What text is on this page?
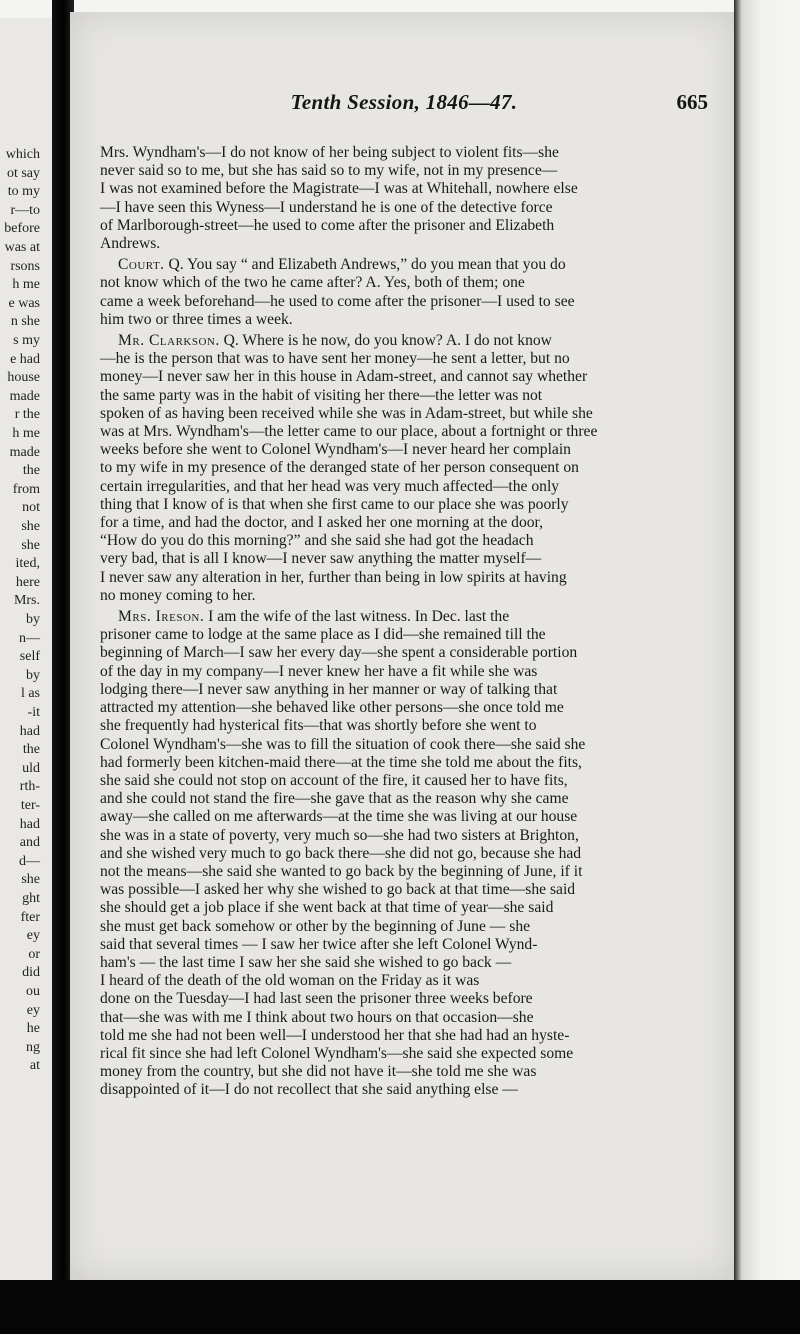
which
ot say
to my
r—to
before
was at
rsons
h me
e was
n she
s my
e had
house
made
r the
h me
made
the
from
not
she
she
ited,
here
Mrs.
by
n—
self
by
l as
-it
had
the
uld
rth-
ter-
had
and
d—
she
ght
fter
ey
or
did
ou
ey
he
ng
at
Tenth Session, 1846—47.	665
Mrs. Wyndham's—I do not know of her being subject to violent fits—she
never said so to me, but she has said so to my wife, not in my presence—
I was not examined before the Magistrate—I was at Whitehall, nowhere else
—I have seen this Wyness—I understand he is one of the detective force
of Marlborough-street—he used to come after the prisoner and Elizabeth
Andrews.
Court. Q. You say “ and Elizabeth Andrews,” do you mean that you do
not know which of the two he came after? A. Yes, both of them; one
came a week beforehand—he used to come after the prisoner—I used to see
him two or three times a week.
Mr. Clarkson. Q. Where is he now, do you know? A. I do not know
—he is the person that was to have sent her money—he sent a letter, but no
money—I never saw her in this house in Adam-street, and cannot say whether
the same party was in the habit of visiting her there—the letter was not
spoken of as having been received while she was in Adam-street, but while she
was at Mrs. Wyndham's—the letter came to our place, about a fortnight or three
weeks before she went to Colonel Wyndham's—I never heard her complain
to my wife in my presence of the deranged state of her person consequent on
certain irregularities, and that her head was very much affected—the only
thing that I know of is that when she first came to our place she was poorly
for a time, and had the doctor, and I asked her one morning at the door,
“How do you do this morning?” and she said she had got the headach
very bad, that is all I know—I never saw anything the matter myself—
I never saw any alteration in her, further than being in low spirits at having
no money coming to her.
Mrs. Ireson. I am the wife of the last witness. In Dec. last the
prisoner came to lodge at the same place as I did—she remained till the
beginning of March—I saw her every day—she spent a considerable portion
of the day in my company—I never knew her have a fit while she was
lodging there—I never saw anything in her manner or way of talking that
attracted my attention—she behaved like other persons—she once told me
she frequently had hysterical fits—that was shortly before she went to
Colonel Wyndham's—she was to fill the situation of cook there—she said she
had formerly been kitchen-maid there—at the time she told me about the fits,
she said she could not stop on account of the fire, it caused her to have fits,
and she could not stand the fire—she gave that as the reason why she came
away—she called on me afterwards—at the time she was living at our house
she was in a state of poverty, very much so—she had two sisters at Brighton,
and she wished very much to go back there—she did not go, because she had
not the means—she said she wanted to go back by the beginning of June, if it
was possible—I asked her why she wished to go back at that time—she said
she should get a job place if she went back at that time of year—she said
she must get back somehow or other by the beginning of June — she
said that several times — I saw her twice after she left Colonel Wynd-
ham's — the last time I saw her she said she wished to go back —
I heard of the death of the old woman on the Friday as it was
done on the Tuesday—I had last seen the prisoner three weeks before
that—she was with me I think about two hours on that occasion—she
told me she had not been well—I understood her that she had had an hyste-
rical fit since she had left Colonel Wyndham's—she said she expected some
money from the country, but she did not have it—she told me she was
disappointed of it—I do not recollect that she said anything else —
